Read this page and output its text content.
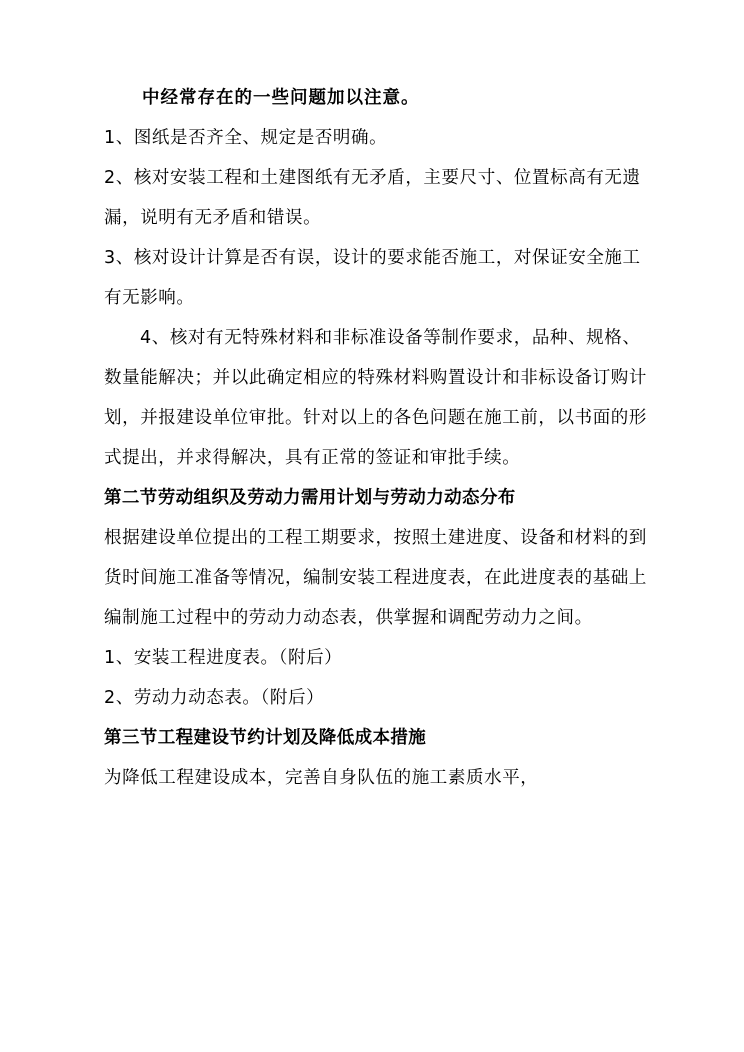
中经常存在的一些问题加以注意。

1、图纸是否齐全、规定是否明确。

2、核对安装工程和土建图纸有无矛盾，主要尺寸、位置标高有无遗漏，说明有无矛盾和错误。

3、核对设计计算是否有误，设计的要求能否施工，对保证安全施工有无影响。

4、核对有无特殊材料和非标准设备等制作要求，品种、规格、数量能解决；并以此确定相应的特殊材料购置设计和非标设备订购计划，并报建设单位审批。针对以上的各色问题在施工前，以书面的形式提出，并求得解决，具有正常的签证和审批手续。

第二节劳动组织及劳动力需用计划与劳动力动态分布

根据建设单位提出的工程工期要求，按照土建进度、设备和材料的到货时间施工准备等情况，编制安装工程进度表，在此进度表的基础上编制施工过程中的劳动力动态表，供掌握和调配劳动力之间。

1、安装工程进度表。（附后）

2、劳动力动态表。（附后）

第三节工程建设节约计划及降低成本措施

为降低工程建设成本，完善自身队伍的施工素质水平，
